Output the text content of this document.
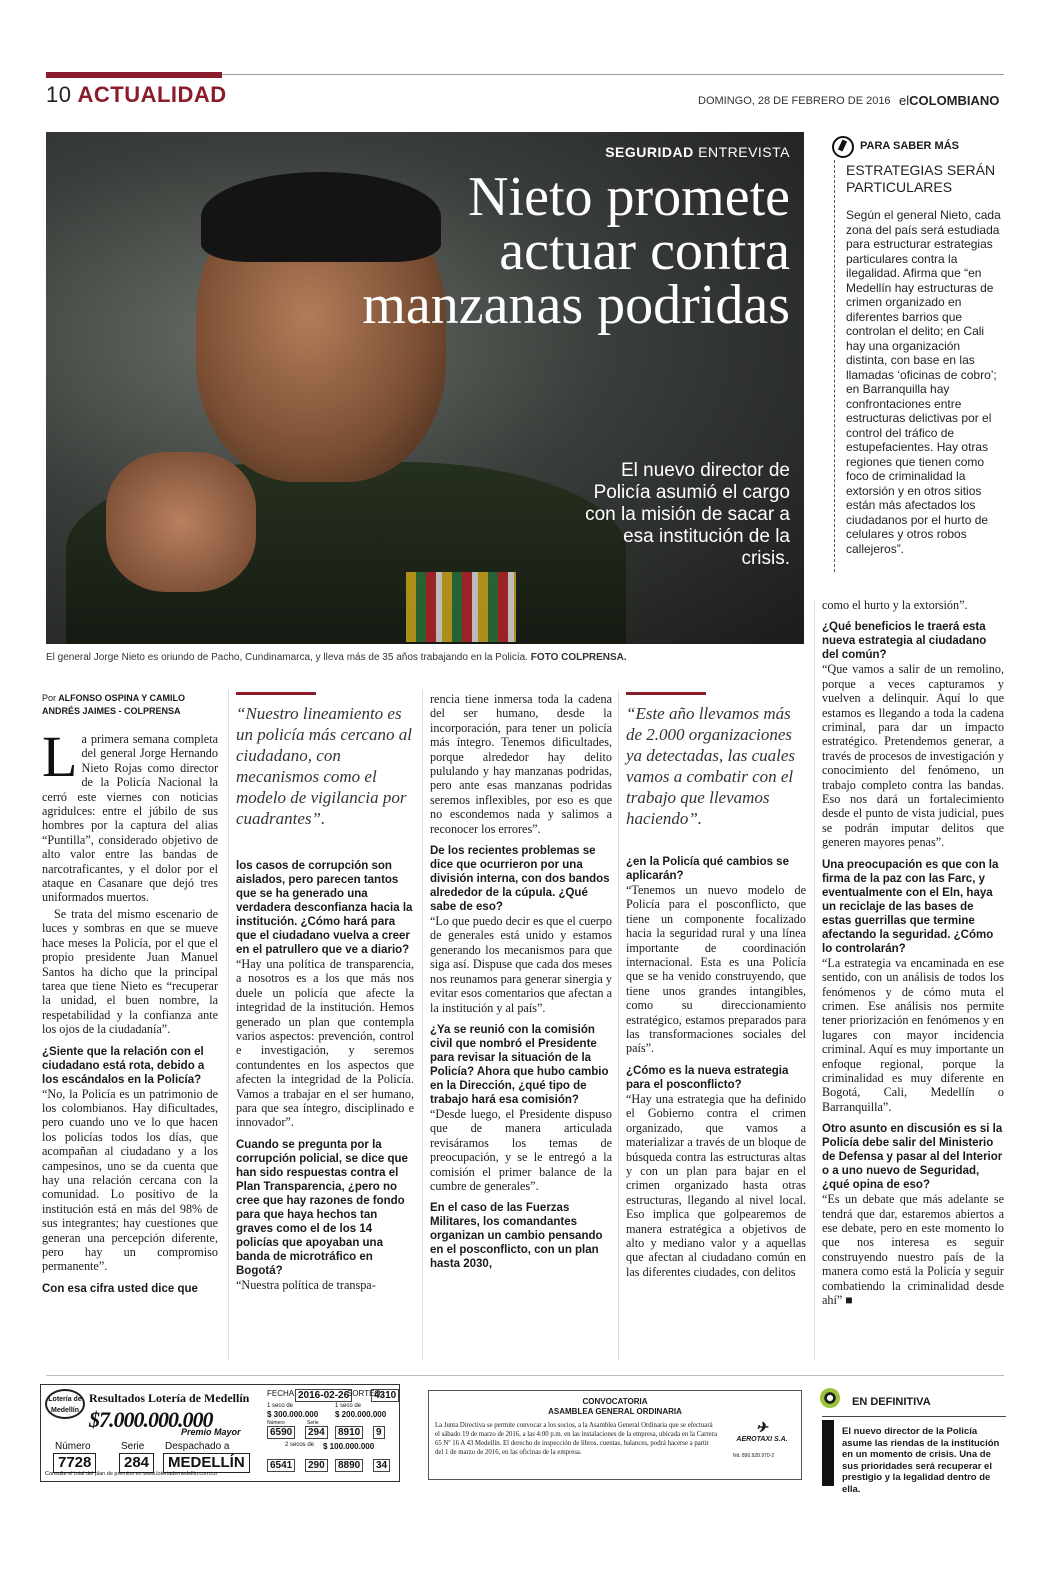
10 ACTUALIDAD	DOMINGO, 28 DE FEBRERO DE 2016 elCOLOMBIANO
SEGURIDAD ENTREVISTA
Nieto promete actuar contra manzanas podridas
El nuevo director de Policía asumió el cargo con la misión de sacar a esa institución de la crisis.
El general Jorge Nieto es oriundo de Pacho, Cundinamarca, y lleva más de 35 años trabajando en la Policía. FOTO COLPRENSA.
PARA SABER MÁS
ESTRATEGIAS SERÁN PARTICULARES
Según el general Nieto, cada zona del país será estudiada para estructurar estrategias particulares contra la ilegalidad. Afirma que “en Medellín hay estructuras de crimen organizado en diferentes barrios que controlan el delito; en Cali hay una organización distinta, con base en las llamadas ‘oficinas de cobro’; en Barranquilla hay confrontaciones entre estructuras delictivas por el control del tráfico de estupefacientes. Hay otras regiones que tienen como foco de criminalidad la extorsión y en otros sitios están más afectados los ciudadanos por el hurto de celulares y otros robos callejeros”.
Por ALFONSO OSPINA Y CAMILO ANDRÉS JAIMES - COLPRENSA

La primera semana completa del general Jorge Hernando Nieto Rojas como director de la Policía Nacional la cerró este viernes con noticias agridulces: entre el júbilo de sus hombres por la captura del alias “Puntilla”, considerado objetivo de alto valor entre las bandas de narcotraficantes, y el dolor por el ataque en Casanare que dejó tres uniformados muertos.

Se trata del mismo escenario de luces y sombras en que se mueve hace meses la Policía, por el que el propio presidente Juan Manuel Santos ha dicho que la principal tarea que tiene Nieto es “recuperar la unidad, el buen nombre, la respetabilidad y la confianza ante los ojos de la ciudadanía”.

¿Siente que la relación con el ciudadano está rota, debido a los escándalos en la Policía?

“No, la Policía es un patrimonio de los colombianos. Hay dificultades, pero cuando uno ve lo que hacen los policías todos los días, que acompañan al ciudadano y a los campesinos, uno se da cuenta que hay una relación cercana con la comunidad. Lo positivo de la institución está en más del 98% de sus integrantes; hay cuestiones que generan una percepción diferente, pero hay un compromiso permanente”.

Con esa cifra usted dice que
“Nuestro lineamiento es un policía más cercano al ciudadano, con mecanismos como el modelo de vigilancia por cuadrantes”.
los casos de corrupción son aislados, pero parecen tantos que se ha generado una verdadera desconfianza hacia la institución. ¿Cómo hará para que el ciudadano vuelva a creer en el patrullero que ve a diario?

“Hay una política de transparencia, a nosotros es a los que más nos duele un policía que afecte la integridad de la institución. Hemos generado un plan que contempla varios aspectos: prevención, control e investigación, y seremos contundentes en los aspectos que afecten la integridad de la Policía. Vamos a trabajar en el ser humano, para que sea íntegro, disciplinado e innovador”.

Cuando se pregunta por la corrupción policial, se dice que han sido respuestas contra el Plan Transparencia, ¿pero no cree que hay razones de fondo para que haya hechos tan graves como el de los 14 policías que apoyaban una banda de microtráfico en Bogotá?

“Nuestra política de transpa-

rencia tiene inmersa toda la cadena del ser humano, desde la incorporación, para tener un policía más íntegro. Tenemos dificultades, porque alrededor hay delito pululando y hay manzanas podridas, pero ante esas manzanas podridas seremos inflexibles, por eso es que no escondemos nada y salimos a reconocer los errores”.

De los recientes problemas se dice que ocurrieron por una división interna, con dos bandos alrededor de la cúpula. ¿Qué sabe de eso?

“Lo que puedo decir es que el cuerpo de generales está unido y estamos generando los mecanismos para que siga así. Dispuse que cada dos meses nos reunamos para generar sinergia y evitar esos comentarios que afectan a la institución y al país”.

¿Ya se reunió con la comisión civil que nombró el Presidente para revisar la situación de la Policía? Ahora que hubo cambio en la Dirección, ¿qué tipo de trabajo hará esa comisión?

“Desde luego, el Presidente dispuso que de manera articulada revisáramos los temas de preocupación, y se le entregó a la comisión el primer balance de la cumbre de generales”.

En el caso de las Fuerzas Militares, los comandantes organizan un cambio pensando en el posconflicto, con un plan hasta 2030,
“Este año llevamos más de 2.000 organizaciones ya detectadas, las cuales vamos a combatir con el trabajo que llevamos haciendo”.
¿en la Policía qué cambios se aplicarán?

“Tenemos un nuevo modelo de Policía para el posconflicto, que tiene un componente focalizado hacia la seguridad rural y una línea importante de coordinación internacional. Esta es una Policía que se ha venido construyendo, que tiene unos grandes intangibles, como su direccionamiento estratégico, estamos preparados para las transformaciones sociales del país”.

¿Cómo es la nueva estrategia para el posconflicto?

“Hay una estrategia que ha definido el Gobierno contra el crimen organizado, que vamos a materializar a través de un bloque de búsqueda contra las estructuras altas y con un plan para bajar en el crimen organizado hasta otras estructuras, llegando al nivel local. Eso implica que golpearemos de manera estratégica a objetivos de alto y mediano valor y a aquellas que afectan al ciudadano común en las diferentes ciudades, con delitos

como el hurto y la extorsión”.

¿Qué beneficios le traerá esta nueva estrategia al ciudadano del común?

“Que vamos a salir de un remolino, porque a veces capturamos y vuelven a delinquir. Aquí lo que estamos es llegando a toda la cadena criminal, para dar un impacto estratégico. Pretendemos generar, a través de procesos de investigación y conocimiento del fenómeno, un trabajo completo contra las bandas. Eso nos dará un fortalecimiento desde el punto de vista judicial, pues se podrán imputar delitos que generen mayores penas”.

Una preocupación es que con la firma de la paz con las Farc, y eventualmente con el Eln, haya un reciclaje de las bases de estas guerrillas que termine afectando la seguridad. ¿Cómo lo controlarán?

“La estrategia va encaminada en ese sentido, con un análisis de todos los fenómenos y de cómo muta el crimen. Ese análisis nos permite tener priorización en fenómenos y en lugares con mayor incidencia criminal. Aquí es muy importante un enfoque regional, porque la criminalidad es muy diferente en Bogotá, Cali, Medellín o Barranquilla”.

Otro asunto en discusión es si la Policía debe salir del Ministerio de Defensa y pasar al del Interior o a uno nuevo de Seguridad, ¿qué opina de eso?

“Es un debate que más adelante se tendrá que dar, estaremos abiertos a ese debate, pero en este momento lo que nos interesa es seguir construyendo nuestro país de la manera como está la Policía y seguir combatiendo la criminalidad desde ahí” ■

Lotería de Medellín
Resultados Lotería de Medellín
$7.000.000.000
Premio Mayor
Número	Serie Despachado a
7728	284	MEDELLÍN
Consulte el total del plan de premios en www.loteriademedellin.com.co
FECHA: 2016-02-26
SORTEO:
4310
1 seco de
$ 300.000.000
1 seco de
$ 200.000.000
Número	Serie
6590	294	8910	9
2 secos de $ 100.000.000
6541	290	8890	34
CONVOCATORIA
ASAMBLEA GENERAL ORDINARIA
La Junta Directiva se permite convocar a los socios, a la Asamblea General Ordinaria que se efectuará el sábado 19 de marzo de 2016, a las 4:00 p.m. en las instalaciones de la empresa, ubicada en la Carrera 65 Nº 16 A 43 Medellín. El derecho de inspección de libros, cuentas, balances, podrá hacerse a partir del 1 de marzo de 2016, en las oficinas de la empresa.
✈
AEROTAXI S.A.
Nit. 890.928.970-2
EN DEFINITIVA
El nuevo director de la Policía asume las riendas de la institución en un momento de crisis. Una de sus prioridades será recuperar el prestigio y la legalidad dentro de ella.
